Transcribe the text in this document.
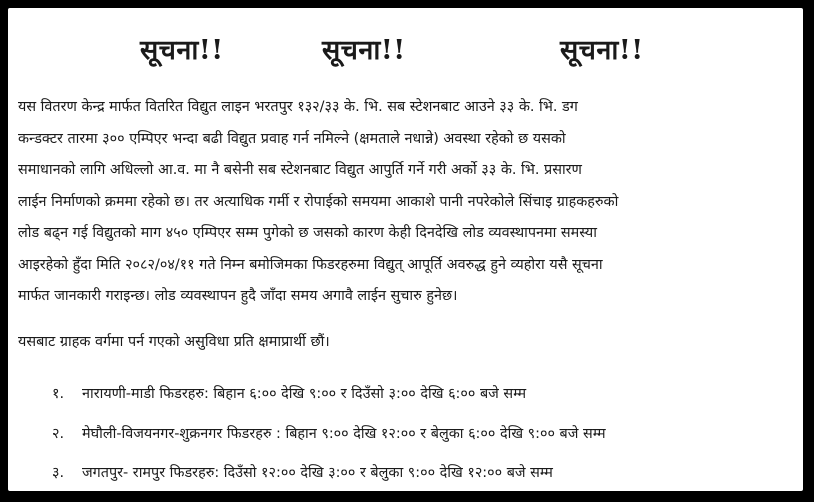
सूचना!!	सूचना!!	सूचना!!
यस वितरण केन्द्र मार्फत वितरित विद्युत लाइन भरतपुर १३२/३३ के. भि. सब स्टेशनबाट आउने ३३ के. भि. डग
कन्डक्टर तारमा ३०० एम्पिएर भन्दा बढी विद्युत प्रवाह गर्न नमिल्ने (क्षमताले नधान्ने) अवस्था रहेको छ यसको
समाधानको लागि अधिल्लो आ.व. मा नै बसेनी सब स्टेशनबाट विद्युत आपुर्ति गर्ने गरी अर्को ३३ के. भि. प्रसारण
लाईन निर्माणको क्रममा रहेको छ। तर अत्याधिक गर्मी र रोपाईको समयमा आकाशे पानी नपरेकोले सिंचाइ ग्राहकहरुको
लोड बढ्न गई विद्युतको माग ४५० एम्पिएर सम्म पुगेको छ जसको कारण केही दिनदेखि लोड व्यवस्थापनमा समस्या
आइरहेको हुँदा मिति २०८२/०४/११ गते निम्न बमोजिमका फिडरहरुमा विद्युत् आपूर्ति अवरुद्ध हुने व्यहोरा यसै सूचना
मार्फत जानकारी गराइन्छ। लोड व्यवस्थापन हुदै जाँदा समय अगावै लाईन सुचारु हुनेछ।
यसबाट ग्राहक वर्गमा पर्न गएको असुविधा प्रति क्षमाप्रार्थी छौं।
१. नारायणी-माडी फिडरहरु: बिहान ६:०० देखि ९:०० र दिउँसो ३:०० देखि ६:०० बजे सम्म
२. मेघौली-विजयनगर-शुक्रनगर फिडरहरु : बिहान ९:०० देखि १२:०० र बेलुका ६:०० देखि ९:०० बजे सम्म
३. जगतपुर- रामपुर फिडरहरु: दिउँसो १२:०० देखि ३:०० र बेलुका ९:०० देखि १२:०० बजे सम्म
